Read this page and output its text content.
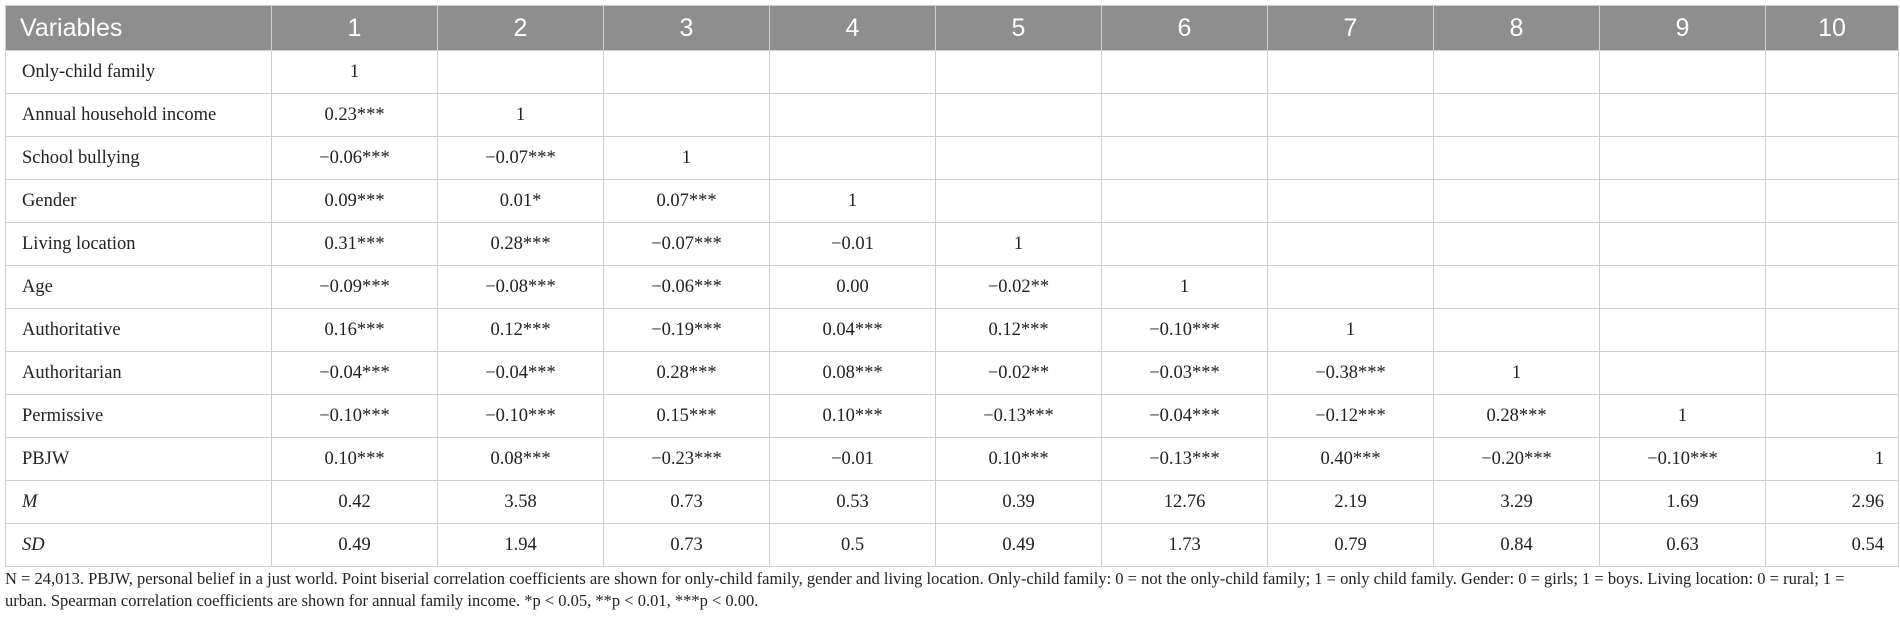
Variables	1	2	3	4	5	6	7	8	9	10
Only-child family	1									
Annual household income	0.23***	1								
School bullying	−0.06***	−0.07***	1							
Gender	0.09***	0.01*	0.07***	1						
Living location	0.31***	0.28***	−0.07***	−0.01	1					
Age	−0.09***	−0.08***	−0.06***	0.00	−0.02**	1				
Authoritative	0.16***	0.12***	−0.19***	0.04***	0.12***	−0.10***	1			
Authoritarian	−0.04***	−0.04***	0.28***	0.08***	−0.02**	−0.03***	−0.38***	1		
Permissive	−0.10***	−0.10***	0.15***	0.10***	−0.13***	−0.04***	−0.12***	0.28***	1	
PBJW	0.10***	0.08***	−0.23***	−0.01	0.10***	−0.13***	0.40***	−0.20***	−0.10***	1
M	0.42	3.58	0.73	0.53	0.39	12.76	2.19	3.29	1.69	2.96
SD	0.49	1.94	0.73	0.5	0.49	1.73	0.79	0.84	0.63	0.54
N = 24,013. PBJW, personal belief in a just world. Point biserial correlation coefficients are shown for only-child family, gender and living location. Only-child family: 0 = not the only-child family; 1 = only child family. Gender: 0 = girls; 1 = boys. Living location: 0 = rural; 1 = urban. Spearman correlation coefficients are shown for annual family income. *p < 0.05, **p < 0.01, ***p < 0.00.
